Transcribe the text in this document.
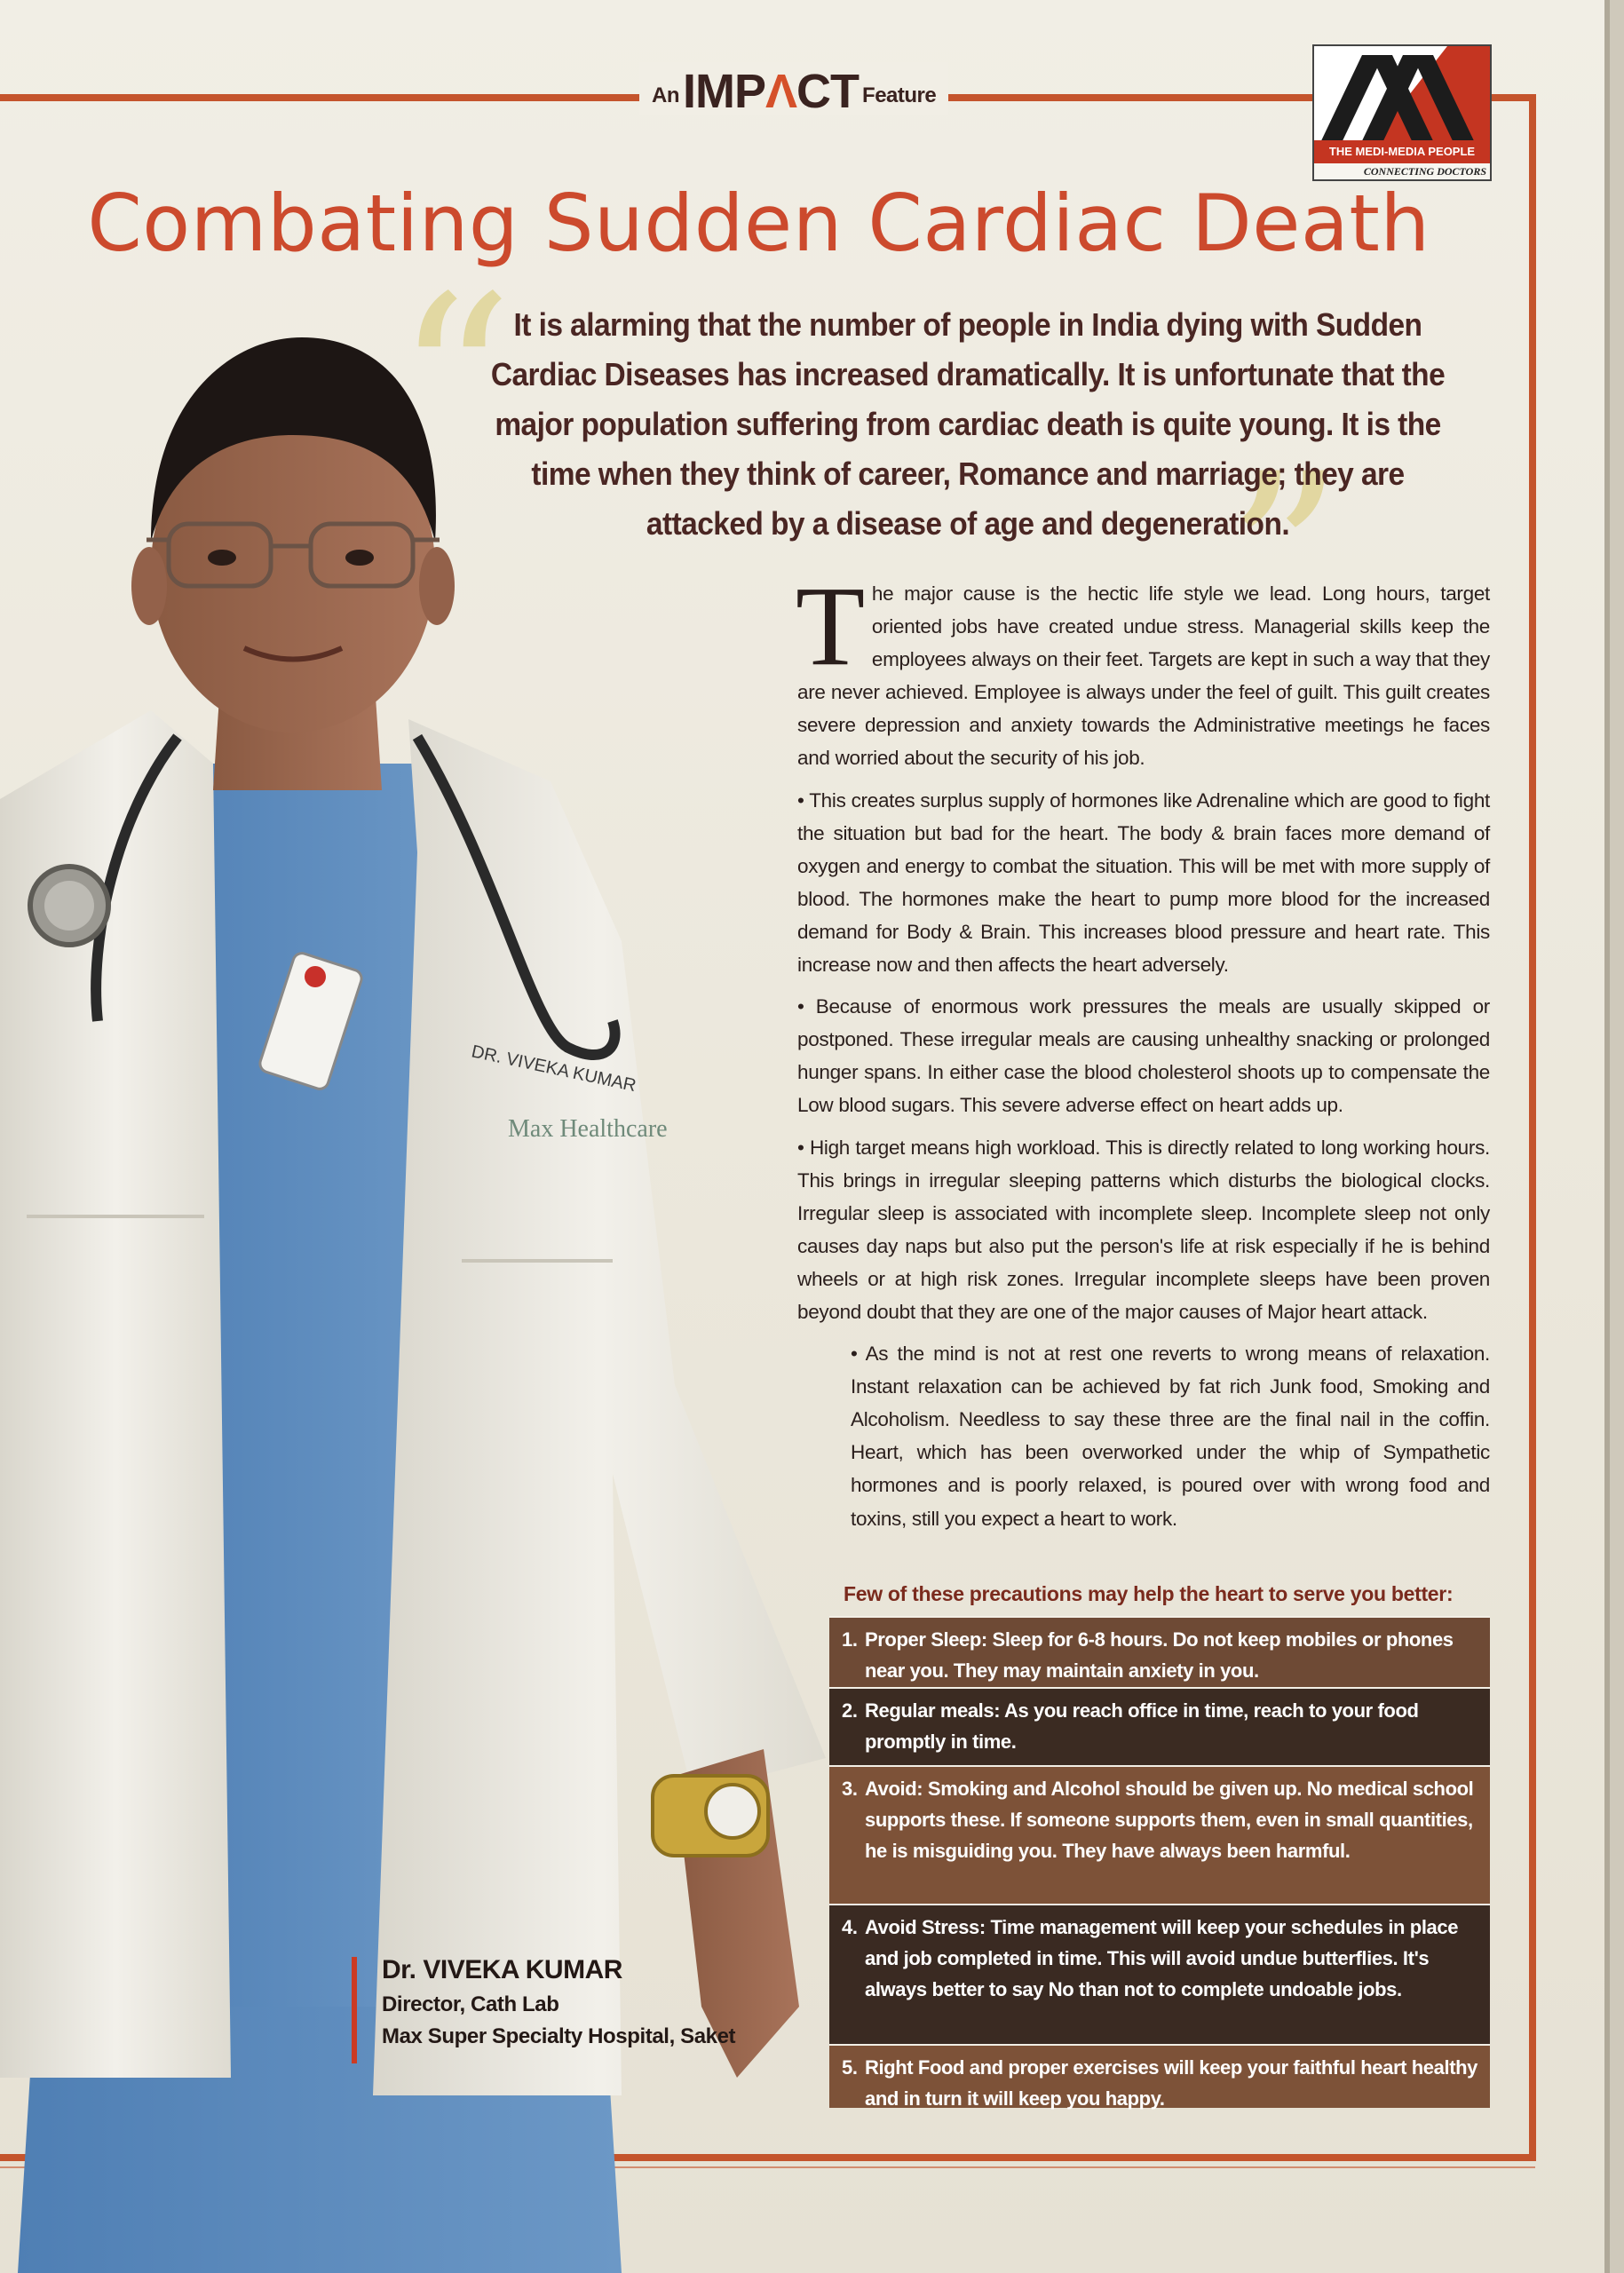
An IMPΛCT Feature
THE MEDI-MEDIA PEOPLE
CONNECTING DOCTORS
Combating Sudden Cardiac Death
DR. VIVEKA KUMAR
Max Healthcare
“
”
It is alarming that the number of people in India dying with Sudden Cardiac Diseases has increased dramatically. It is unfortunate that the major population suffering from cardiac death is quite young. It is the time when they think of career, Romance and marriage; they are attacked by a disease of age and degeneration.

The major cause is the hectic life style we lead. Long hours, target oriented jobs have created undue stress. Managerial skills keep the employees always on their feet. Targets are kept in such a way that they are never achieved. Employee is always under the feel of guilt. This guilt creates severe depression and anxiety towards the Administrative meetings he faces and worried about the security of his job.

• This creates surplus supply of hormones like Adrenaline which are good to fight the situation but bad for the heart. The body & brain faces more demand of oxygen and energy to combat the situation. This will be met with more supply of blood. The hormones make the heart to pump more blood for the increased demand for Body & Brain. This increases blood pressure and heart rate. This increase now and then affects the heart adversely.

• Because of enormous work pressures the meals are usually skipped or postponed. These irregular meals are causing unhealthy snacking or prolonged hunger spans. In either case the blood cholesterol shoots up to compensate the Low blood sugars. This severe adverse effect on heart adds up.

• High target means high workload. This is directly related to long working hours. This brings in irregular sleeping patterns which disturbs the biological clocks. Irregular sleep is associated with incomplete sleep. Incomplete sleep not only causes day naps but also put the person's life at risk especially if he is behind wheels or at high risk zones. Irregular incomplete sleeps have been proven beyond doubt that they are one of the major causes of Major heart attack.

• As the mind is not at rest one reverts to wrong means of relaxation. Instant relaxation can be achieved by fat rich Junk food, Smoking and Alcoholism. Needless to say these three are the final nail in the coffin. Heart, which has been overworked under the whip of Sympathetic hormones and is poorly relaxed, is poured over with wrong food and toxins, still you expect a heart to work.

Few of these precautions may help the heart to serve you better:
1. Proper Sleep: Sleep for 6-8 hours. Do not keep mobiles or phones near you. They may maintain anxiety in you.
2. Regular meals: As you reach office in time, reach to your food promptly in time.
3. Avoid: Smoking and Alcohol should be given up. No medical school supports these. If someone supports them, even in small quantities, he is misguiding you. They have always been harmful.
4. Avoid Stress: Time management will keep your schedules in place and job completed in time. This will avoid undue butterflies. It's always better to say No than not to complete undoable jobs.
5. Right Food and proper exercises will keep your faithful heart healthy and in turn it will keep you happy.
Dr. VIVEKA KUMAR
Director, Cath Lab
Max Super Specialty Hospital, Saket
